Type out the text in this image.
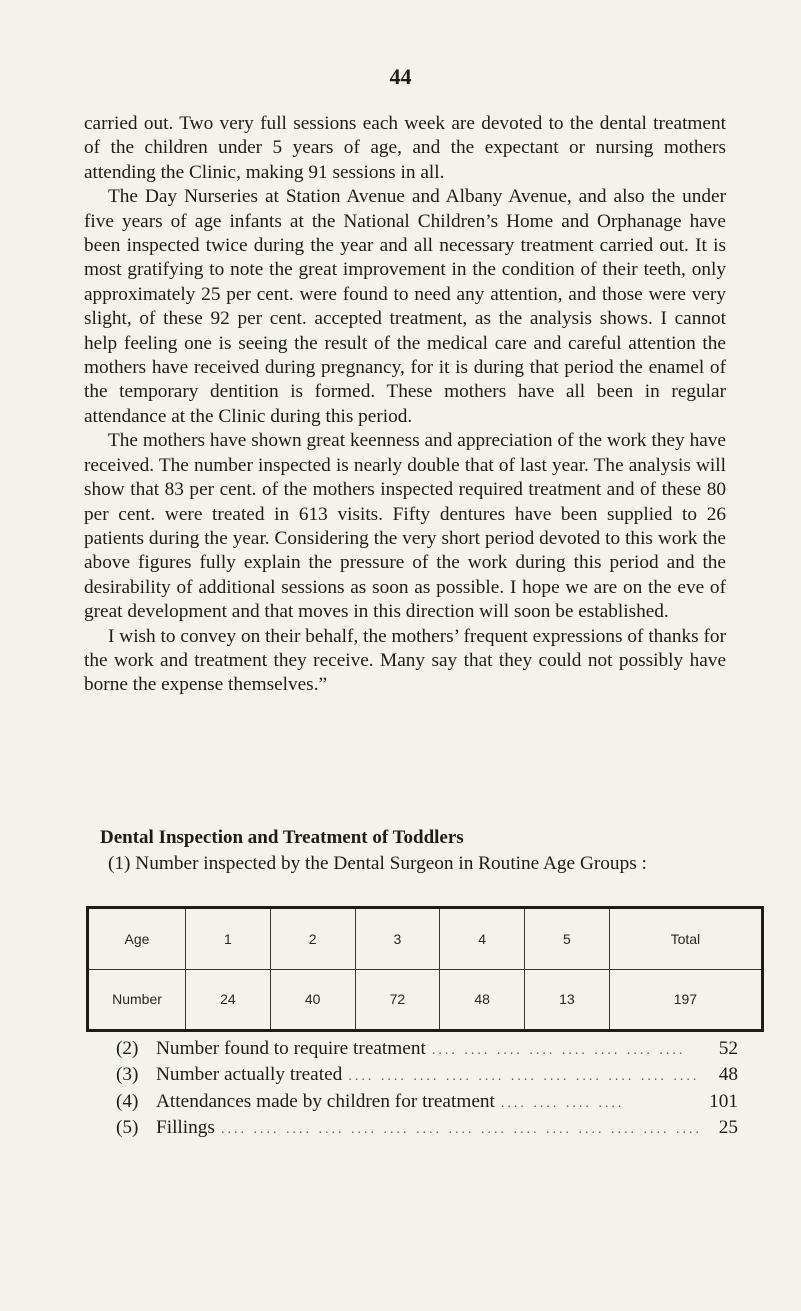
44

carried out. Two very full sessions each week are devoted to the dental treatment of the children under 5 years of age, and the expectant or nursing mothers attending the Clinic, making 91 sessions in all.

The Day Nurseries at Station Avenue and Albany Avenue, and also the under five years of age infants at the National Children’s Home and Orphanage have been inspected twice during the year and all necessary treatment carried out. It is most gratifying to note the great improvement in the condition of their teeth, only approximately 25 per cent. were found to need any attention, and those were very slight, of these 92 per cent. accepted treatment, as the analysis shows. I cannot help feeling one is seeing the result of the medical care and careful attention the mothers have received during pregnancy, for it is during that period the enamel of the temporary dentition is formed. These mothers have all been in regular attendance at the Clinic during this period.

The mothers have shown great keenness and appreciation of the work they have received. The number inspected is nearly double that of last year. The analysis will show that 83 per cent. of the mothers inspected required treatment and of these 80 per cent. were treated in 613 visits. Fifty dentures have been supplied to 26 patients during the year. Considering the very short period devoted to this work the above figures fully explain the pressure of the work during this period and the desirability of additional sessions as soon as possible. I hope we are on the eve of great development and that moves in this direction will soon be established.

I wish to convey on their behalf, the mothers’ frequent expressions of thanks for the work and treatment they receive. Many say that they could not possibly have borne the expense themselves.”

Dental Inspection and Treatment of Toddlers

(1) Number inspected by the Dental Surgeon in Routine Age Groups :

Age	1	2	3	4	5	Total
Number	24	40	72	48	13	197
(2) Number found to require treatment .... .... .... .... .... .... .... ....	52
(3) Number actually treated .... .... .... .... .... .... .... .... .... .... ....	48
(4) Attendances made by children for treatment .... .... .... ....	101
(5) Fillings .... .... .... .... .... .... .... .... .... .... .... .... .... .... .... 25
